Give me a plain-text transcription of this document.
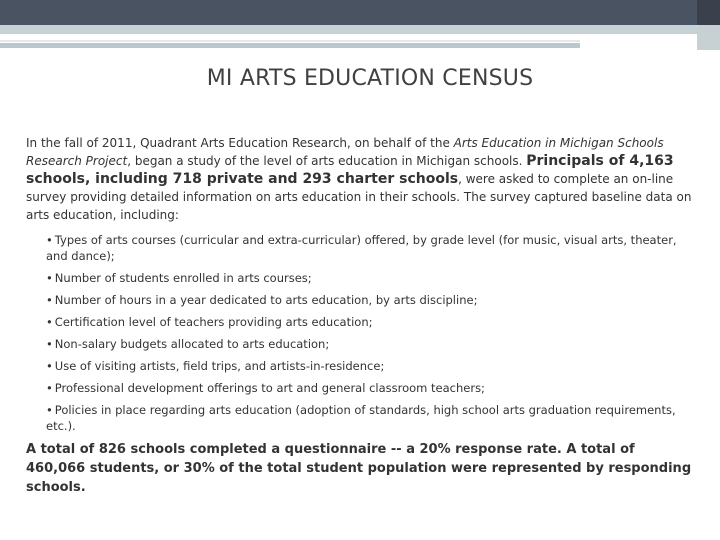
MI ARTS EDUCATION CENSUS

In the fall of 2011, Quadrant Arts Education Research, on behalf of the Arts Education in Michigan Schools Research Project, began a study of the level of arts education in Michigan schools. Principals of 4,163 schools, including 718 private and 293 charter schools, were asked to complete an on-line survey providing detailed information on arts education in their schools. The survey captured baseline data on arts education, including:

• Types of arts courses (curricular and extra-curricular) offered, by grade level (for music, visual arts, theater, and dance);
• Number of students enrolled in arts courses;
• Number of hours in a year dedicated to arts education, by arts discipline;
• Certification level of teachers providing arts education;
• Non-salary budgets allocated to arts education;
• Use of visiting artists, field trips, and artists-in-residence;
• Professional development offerings to art and general classroom teachers;
• Policies in place regarding arts education (adoption of standards, high school arts graduation requirements, etc.).

A total of 826 schools completed a questionnaire -- a 20% response rate. A total of 460,066 students, or 30% of the total student population were represented by responding schools.
